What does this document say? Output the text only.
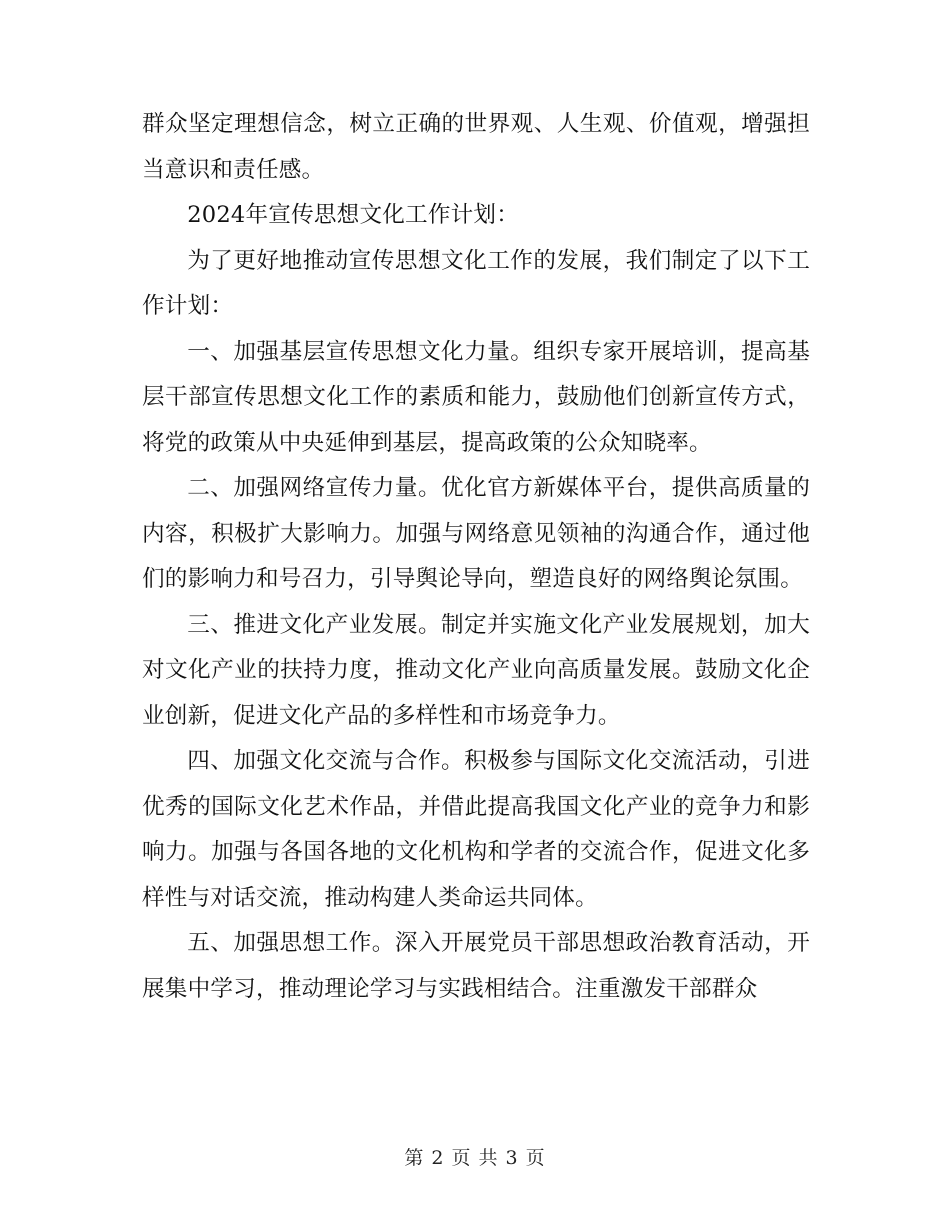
群众坚定理想信念，树立正确的世界观、人生观、价值观，增强担当意识和责任感。

2024年宣传思想文化工作计划：

为了更好地推动宣传思想文化工作的发展，我们制定了以下工作计划：

一、加强基层宣传思想文化力量。组织专家开展培训，提高基层干部宣传思想文化工作的素质和能力，鼓励他们创新宣传方式，将党的政策从中央延伸到基层，提高政策的公众知晓率。

二、加强网络宣传力量。优化官方新媒体平台，提供高质量的内容，积极扩大影响力。加强与网络意见领袖的沟通合作，通过他们的影响力和号召力，引导舆论导向，塑造良好的网络舆论氛围。

三、推进文化产业发展。制定并实施文化产业发展规划，加大对文化产业的扶持力度，推动文化产业向高质量发展。鼓励文化企业创新，促进文化产品的多样性和市场竞争力。

四、加强文化交流与合作。积极参与国际文化交流活动，引进优秀的国际文化艺术作品，并借此提高我国文化产业的竞争力和影响力。加强与各国各地的文化机构和学者的交流合作，促进文化多样性与对话交流，推动构建人类命运共同体。

五、加强思想工作。深入开展党员干部思想政治教育活动，开展集中学习，推动理论学习与实践相结合。注重激发干部群众

第 2 页 共 3 页
